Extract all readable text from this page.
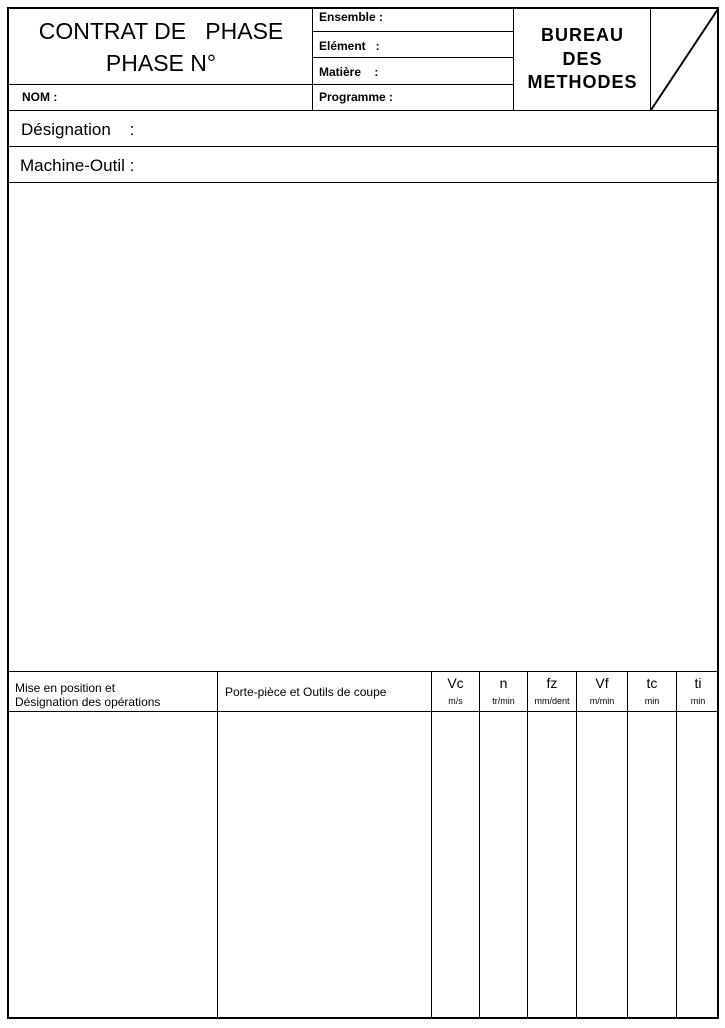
CONTRAT DE   PHASE
PHASE N°
NOM :
Ensemble :
Elément   :
Matière    :
Programme :
BUREAU
DES
METHODES
Désignation    :
Machine-Outil :
Mise en position et
Désignation des opérations
Porte-pièce et Outils de coupe
Vc
m/s
n
tr/min
fz
mm/dent
Vf
m/min
tc
min
ti
min
